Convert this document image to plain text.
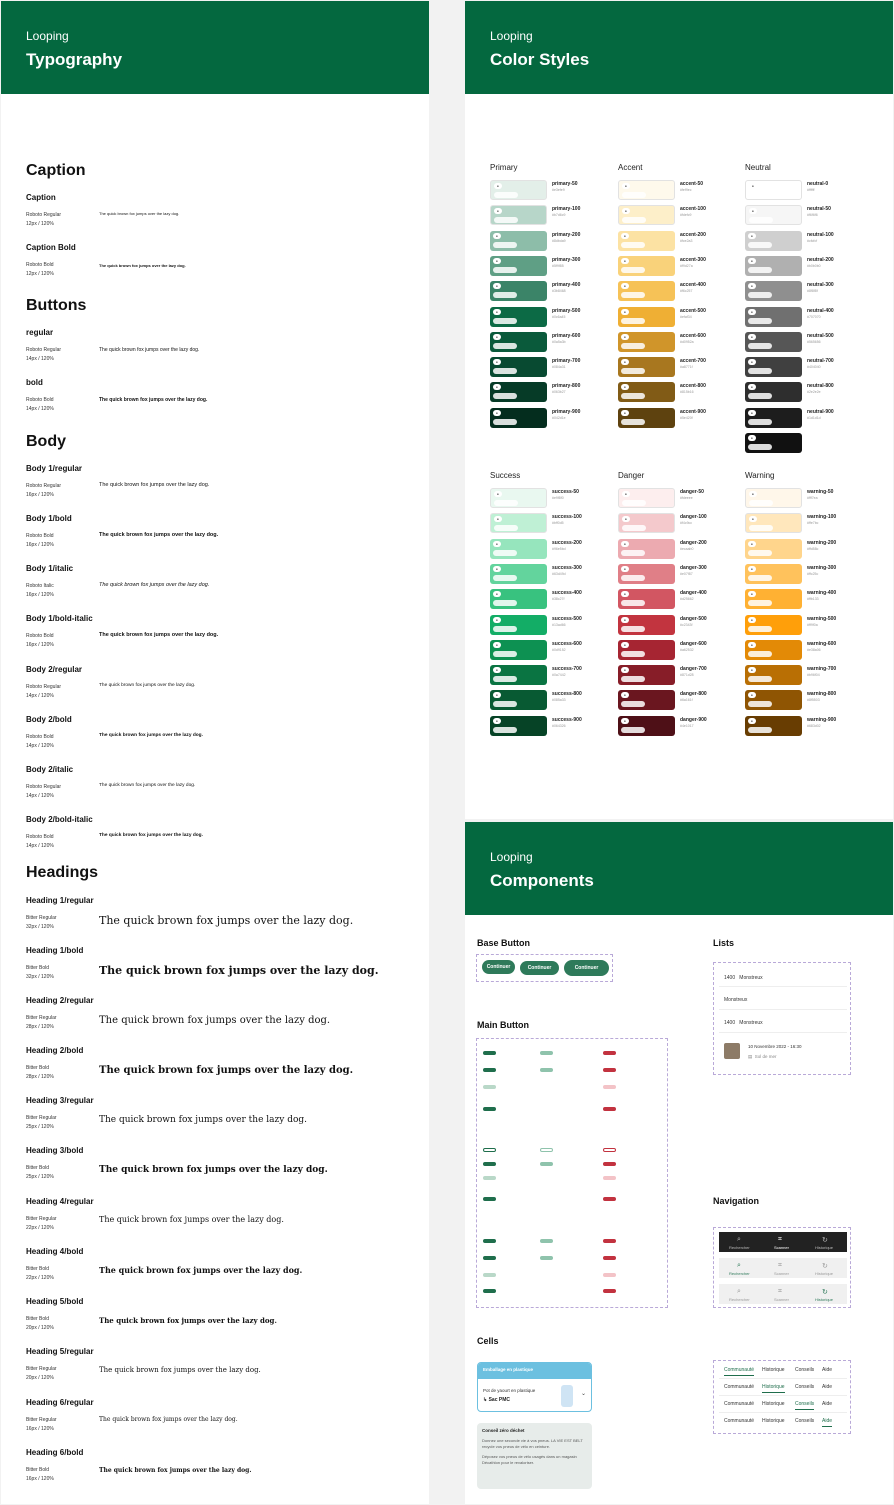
Looping
Typography
Caption
Buttons
Body
Headings
Caption
Roboto Regular
12px / 120%
The quick brown fox jumps over the lazy dog.
Caption Bold
Roboto Bold
12px / 120%
The quick brown fox jumps over the lazy dog.
regular
Roboto Regular
14px / 120%
The quick brown fox jumps over the lazy dog.
bold
Roboto Bold
14px / 120%
The quick brown fox jumps over the lazy dog.
Body 1/regular
Roboto Regular
16px / 120%
The quick brown fox jumps over the lazy dog.
Body 1/bold
Roboto Bold
16px / 120%
The quick brown fox jumps over the lazy dog.
Body 1/italic
Roboto Italic
16px / 120%
The quick brown fox jumps over the lazy dog.
Body 1/bold-italic
Roboto Bold
16px / 120%
The quick brown fox jumps over the lazy dog.
Body 2/regular
Roboto Regular
14px / 120%
The quick brown fox jumps over the lazy dog.
Body 2/bold
Roboto Bold
14px / 120%
The quick brown fox jumps over the lazy dog.
Body 2/italic
Roboto Regular
14px / 120%
The quick brown fox jumps over the lazy dog.
Body 2/bold-italic
Roboto Bold
14px / 120%
The quick brown fox jumps over the lazy dog.
Heading 1/regular
Bitter Regular
32px / 120%	The quick brown fox jumps over the lazy dog.
Heading 1/bold
Bitter Bold
32px / 120%	The quick brown fox jumps over the lazy dog.
Heading 2/regular
Bitter Regular
28px / 120%
The quick brown fox jumps over the lazy dog.
Heading 2/bold
Bitter Bold
28px / 120%
The quick brown fox jumps over the lazy dog.
Heading 3/regular
Bitter Regular
25px / 120%
The quick brown fox jumps over the lazy dog.
Heading 3/bold
Bitter Bold
25px / 120%
The quick brown fox jumps over the lazy dog.
Heading 4/regular
Bitter Regular
22px / 120%
The quick brown fox jumps over the lazy dog.
Heading 4/bold
Bitter Bold
22px / 120%
The quick brown fox jumps over the lazy dog.
Heading 5/bold
Bitter Bold
20px / 120%
The quick brown fox jumps over the lazy dog.
Heading 5/regular
Bitter Regular
20px / 120%
The quick brown fox jumps over the lazy dog.
Heading 6/regular
Bitter Regular
16px / 120%
The quick brown fox jumps over the lazy dog.
Heading 6/bold
Bitter Bold
16px / 120%
The quick brown fox jumps over the lazy dog.
Looping
Color Styles
Primary
●	primary-50
#e3efe9
●	primary-100
#b7d6c9
●	primary-200
#8dbda9
●	primary-300
#5f9f85
●	primary-400
#3b8468
●	primary-500
#0c6a45
●	primary-600
#0a5a3b
●	primary-700
#084a31
●	primary-800
#063b27
●	primary-900
#042d1e
Accent
●	accent-50
#fef9ec
●	accent-100
#fdefc9
●	accent-200
#fce2a3
●	accent-300
#f9d27a
●	accent-400
#f6c257
●	accent-500
#efaf34
●	accent-600
#d0952a
●	accent-700
#a8771f
●	accent-800
#815b16
●	accent-900
#5e420f
Neutral
●	neutral-0
#ffffff
●	neutral-50
#f6f6f6
●	neutral-100
#cfcfcf
●	neutral-200
#b0b0b0
●	neutral-300
#8f8f8f
●	neutral-400
#707070
●	neutral-500
#565656
●	neutral-700
#404040
●	neutral-800
#2e2e2e
●	neutral-900
#1d1d1d
●
Success
●	success-50
#e9f8f0
●	success-100
#bff0d5
●	success-200
#96e5bd
●	success-300
#63d49d
●	success-400
#38c27f
●	success-500
#13ad66
●	success-600
#0d9152
●	success-700
#0a7442
●	success-800
#085a33
●	success-900
#064326
Danger
●	danger-50
#fdeeee
●	danger-100
#f4c9cc
●	danger-200
#ecaab0
●	danger-300
#e07f87
●	danger-400
#d25662
●	danger-500
#c2343f
●	danger-600
#a62532
●	danger-700
#871d28
●	danger-800
#6a161f
●	danger-900
#4e1017
Warning
●	warning-50
#fff7ea
●	warning-100
#ffe7bc
●	warning-200
#ffd58c
●	warning-300
#ffc25c
●	warning-400
#ffb133
●	warning-500
#ff9f0a
●	warning-600
#e38a06
●	warning-700
#b96f04
●	warning-800
#8f5503
●	warning-900
#683d02
Looping
Components
Base Button
Continuer	Continuer	Continuer
Main Button
Cells
Emballage en plastique
Pot de yaourt en plastique
↳ Sac PMC
⌄
Conseil zéro déchet
Donnez une seconde vie à vos pneus. LA VIE EST BELT recycle vos pneus de vélo en ceinture.
Déposez vos pneus de vélo usagés dans un magasin Décathlon pour le revaloriser.
Lists
1400 Monstreux
Monstreux
1400 Monstreux
10 Novembre 2022 - 16:30
▤  Sol de mer
Navigation
⌕
Rechercher
⌗
Scanner
↻
Historique
⌕
Rechercher
⌗
Scanner
↻
Historique
⌕
Rechercher
⌗
Scanner
↻
Historique
Communauté Historique Conseils Aide
Communauté Historique Conseils Aide
Communauté Historique Conseils Aide
Communauté Historique Conseils Aide
